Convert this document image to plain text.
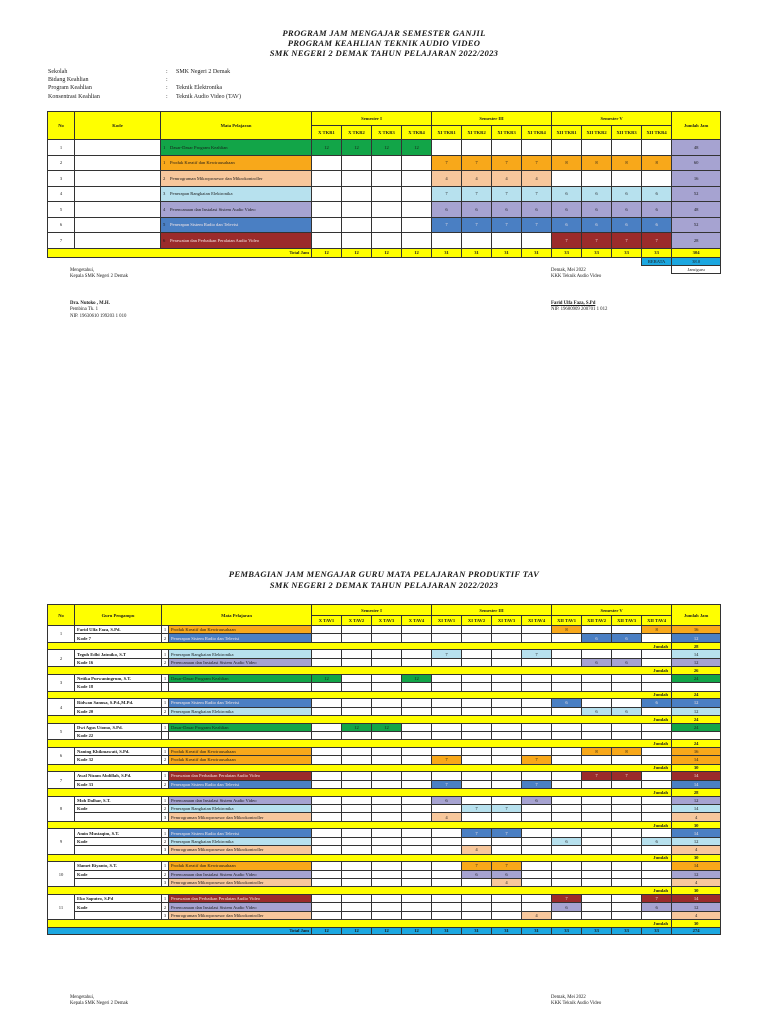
PROGRAM JAM MENGAJAR SEMESTER GANJIL
PROGRAM KEAHLIAN TEKNIK AUDIO VIDEO
SMK NEGERI 2 DEMAK TAHUN PELAJARAN 2022/2023
Sekolah	: SMK Negeri 2 Demak
Bidang Keahlian	:
Program Keahlian	: Teknik Elektronika
Konsentrasi Keahlian	: Teknik Audio Video (TAV)
No	Kode	Mata Pelajaran	Semester I				Semester III				Semester V				Jumlah Jam
			X TKR1	X TKR2	X TKR3	X TKR4	XI TKR1	XI TKR2	XI TKR3	XI TKR4	XII TKR1	XII TKR2	XII TKR3	XII TKR4	
1		1 Dasar-Dasar Program Keahlian	12	12	12	12									48
2		1 Produk Kreatif dan Kewirausahaan					7	7	7	7	8	8	8	8	60
3		2 Pemrograman Mikroprosesor dan Mikrokontroller					4	4	4	4					16
4		3 Penerapan Rangkaian Elektronika					7	7	7	7	6	6	6	6	52
5		4 Perencanaan dan Instalasi Sistem Audio Video					6	6	6	6	6	6	6	6	48
6		5 Penerapan Sistem Radio dan Televisi					7	7	7	7	6	6	6	6	52
7		6 Perawatan dan Perbaikan Peralatan Audio Video									7	7	7	7	28
Total Jam			12	12	12	12	31	31	31	31	33	33	33	33	304
														RERATA	38.0
															Jam/guru
Mengetahui,
Kepala SMK Negeri 2 Demak
Dra. Nutoko , M.H.
Pembina Tk. 1
NIP. 19630610 199203 1 010
Demak, Mei 2022
KKK Teknik Audio Video
Farid Ulfa Faza, S.Pd
NIP. 19680909 200701 1 012
PEMBAGIAN JAM MENGAJAR GURU MATA PELAJARAN PRODUKTIF TAV
SMK NEGERI 2 DEMAK TAHUN PELAJARAN 2022/2023
No	Guru Pengampu	Mata Pelajaran		Semester I				Semester III				Semester V				Jumlah Jam
				X TAV1	X TAV2	X TAV3	X TAV4	XI TAV1	XI TAV2	XI TAV3	XI TAV4	XII TAV1	XII TAV2	XII TAV3	XII TAV4	
1	Farid Ulfa Faza, S.Pd.	1	Produk Kreatif dan Kewirausahaan									8			8	16
	Kode 7	2	Penerapan Sistem Radio dan Televisi										6	6		12
Jumlah																28
2	Teguh Edhi Jatmiko, S.T	1	Penerapan Rangkaian Elektronika					7			7					14
	Kode 16	2	Perencanaan dan Instalasi Sistem Audio Video										6	6		12
Jumlah																26
3	Netika Purwaningrum, S.T.	1	Dasar-Dasar Program Keahlian	12			12									24
	Kode 18															
Jumlah																24
4	Ridwan Sanusa, S.Pd.,M.Pd.	1	Penerapan Sistem Radio dan Televisi									6			6	12
	Kode 20	2	Penerapan Rangkaian Elektronika										6	6		12
Jumlah																24
5	Dwi Agus Utomo, S.Pd.	1	Dasar-Dasar Program Keahlian		12	12										24
	Kode 22															
Jumlah																24
6	Naning Khikmawati, S.Pd.	1	Produk Kreatif dan Kewirausahaan										8	8		16
	Kode 32	2	Produk Kreatif dan Kewirausahaan					7			7					14
Jumlah																30
7	Awal Nizam Abdillah, S.Pd.	1	Perawatan dan Perbaikan Peralatan Audio Video										7	7		14
	Kode 33	2	Penerapan Sistem Radio dan Televisi					7			7					14
Jumlah																28
8	Moh Dalhar, S.T.	1	Perencanaan dan Instalasi Sistem Audio Video					6			6					12
	Kode	2	Penerapan Rangkaian Elektronika						7	7						14
		3	Pemrograman Mikroprosesor dan Mikrokontroller					4								4
Jumlah																30
9	Amin Mustaqim, S.T.	1	Penerapan Sistem Radio dan Televisi						7	7						14
	Kode	2	Penerapan Rangkaian Elektronika									6			6	12
		3	Pemrograman Mikroprosesor dan Mikrokontroller						4							4
Jumlah																30
10	Slamet Riyanto, S.T.	1	Produk Kreatif dan Kewirausahaan						7	7						14
	Kode	2	Perencanaan dan Instalasi Sistem Audio Video						6	6						12
		3	Pemrograman Mikroprosesor dan Mikrokontroller							4						4
Jumlah																30
11	Eko Saputro, S.Pd	1	Perawatan dan Perbaikan Peralatan Audio Video									7			7	14
	Kode	2	Perencanaan dan Instalasi Sistem Audio Video									6			6	12
		3	Pemrograman Mikroprosesor dan Mikrokontroller								4					4
Jumlah																30
Total Jam				12	12	12	12	31	31	31	31	33	33	33	33	274
Mengetahui,
Kepala SMK Negeri 2 Demak
Demak, Mei 2022
KKK Teknik Audio Video
